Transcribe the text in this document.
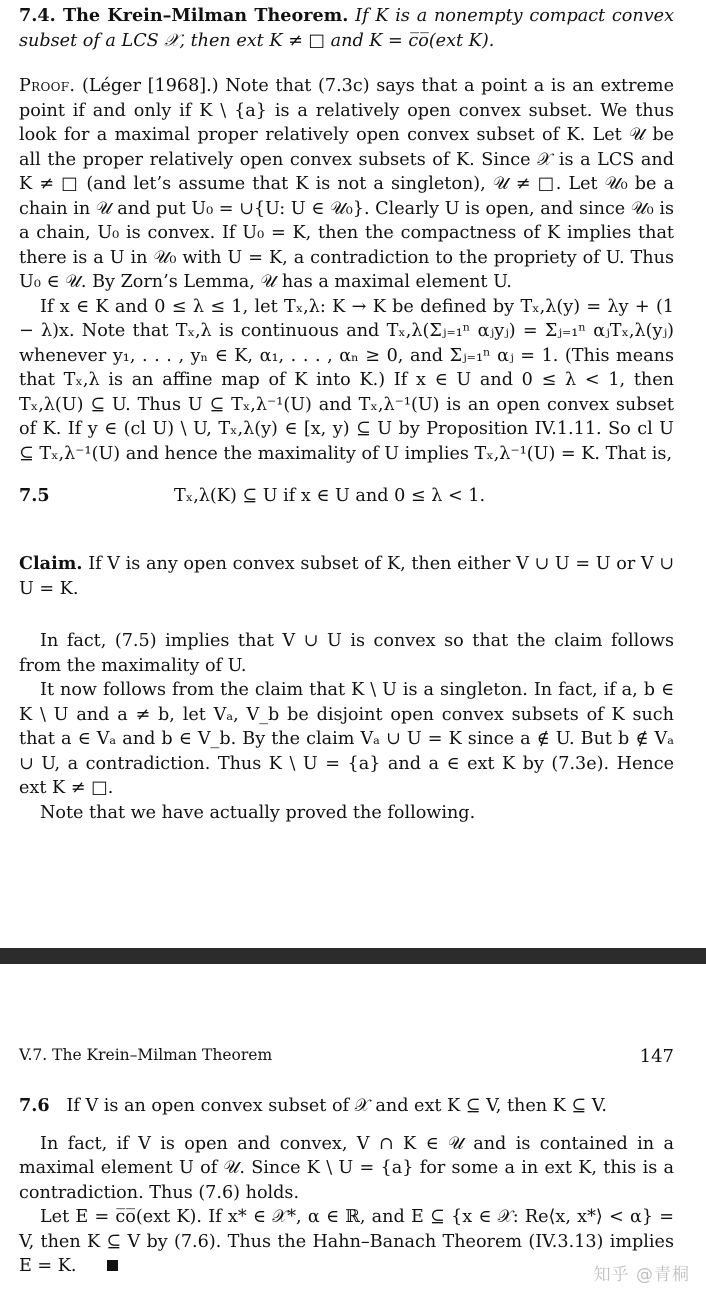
7.4. The Krein–Milman Theorem. If K is a nonempty compact convex subset of a LCS 𝒳, then ext K ≠ □ and K = c̅o̅(ext K).

Proof. (Léger [1968].) Note that (7.3c) says that a point a is an extreme point if and only if K \ {a} is a relatively open convex subset. We thus look for a maximal proper relatively open convex subset of K. Let 𝒰 be all the proper relatively open convex subsets of K. Since 𝒳 is a LCS and K ≠ □ (and let’s assume that K is not a singleton), 𝒰 ≠ □. Let 𝒰₀ be a chain in 𝒰 and put U₀ = ∪{U: U ∈ 𝒰₀}. Clearly U is open, and since 𝒰₀ is a chain, U₀ is convex. If U₀ = K, then the compactness of K implies that there is a U in 𝒰₀ with U = K, a contradiction to the propriety of U. Thus U₀ ∈ 𝒰. By Zorn’s Lemma, 𝒰 has a maximal element U.

If x ∈ K and 0 ≤ λ ≤ 1, let Tₓ,λ: K → K be defined by Tₓ,λ(y) = λy + (1 − λ)x. Note that Tₓ,λ is continuous and Tₓ,λ(Σⱼ₌₁ⁿ αⱼyⱼ) = Σⱼ₌₁ⁿ αⱼTₓ,λ(yⱼ) whenever y₁, . . . , yₙ ∈ K, α₁, . . . , αₙ ≥ 0, and Σⱼ₌₁ⁿ αⱼ = 1. (This means that Tₓ,λ is an affine map of K into K.) If x ∈ U and 0 ≤ λ < 1, then Tₓ,λ(U) ⊆ U. Thus U ⊆ Tₓ,λ⁻¹(U) and Tₓ,λ⁻¹(U) is an open convex subset of K. If y ∈ (cl U) \ U, Tₓ,λ(y) ∈ [x, y) ⊆ U by Proposition IV.1.11. So cl U ⊆ Tₓ,λ⁻¹(U) and hence the maximality of U implies Tₓ,λ⁻¹(U) = K. That is,

7.5	Tₓ,λ(K) ⊆ U if x ∈ U and 0 ≤ λ < 1.

Claim. If V is any open convex subset of K, then either V ∪ U = U or V ∪ U = K.

In fact, (7.5) implies that V ∪ U is convex so that the claim follows from the maximality of U.

It now follows from the claim that K \ U is a singleton. In fact, if a, b ∈ K \ U and a ≠ b, let Vₐ, V_b be disjoint open convex subsets of K such that a ∈ Vₐ and b ∈ V_b. By the claim Vₐ ∪ U = K since a ∉ U. But b ∉ Vₐ ∪ U, a contradiction. Thus K \ U = {a} and a ∈ ext K by (7.3e). Hence ext K ≠ □.

Note that we have actually proved the following.

V.7. The Krein–Milman Theorem	147

7.6 If V is an open convex subset of 𝒳 and ext K ⊆ V, then K ⊆ V.

In fact, if V is open and convex, V ∩ K ∈ 𝒰 and is contained in a maximal element U of 𝒰. Since K \ U = {a} for some a in ext K, this is a contradiction. Thus (7.6) holds.

Let E = c̅o̅(ext K). If x* ∈ 𝒳*, α ∈ ℝ, and E ⊆ {x ∈ 𝒳: Re⟨x, x*⟩ < α} = V, then K ⊆ V by (7.6). Thus the Hahn–Banach Theorem (IV.3.13) implies E = K.	知乎 @青桐
